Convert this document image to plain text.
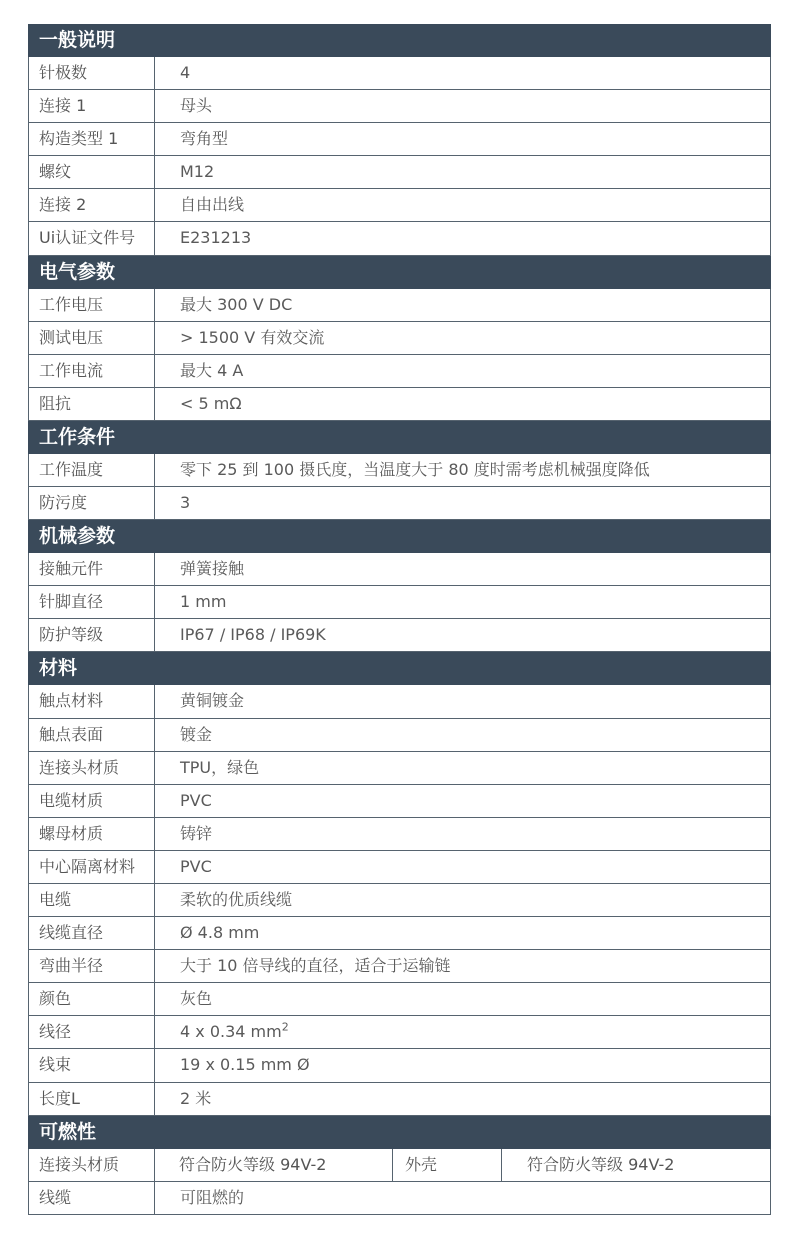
一般说明
针极数	4
连接 1	母头
构造类型 1	弯角型
螺纹	M12
连接 2	自由出线
Ui认证文件号	E231213
电气参数
工作电压	最大 300 V DC
测试电压	> 1500 V 有效交流
工作电流	最大 4 A
阻抗	< 5 mΩ
工作条件
工作温度	零下 25 到 100 摄氏度，当温度大于 80 度时需考虑机械强度降低
防污度	3
机械参数
接触元件	弹簧接触
针脚直径	1 mm
防护等级	IP67 / IP68 / IP69K
材料
触点材料	黄铜镀金
触点表面	镀金
连接头材质	TPU，绿色
电缆材质	PVC
螺母材质	铸锌
中心隔离材料	PVC
电缆	柔软的优质线缆
线缆直径	Ø 4.8 mm
弯曲半径	大于 10 倍导线的直径，适合于运输链
颜色	灰色
线径	4 x 0.34 $mm^2$
线束	19 x 0.15 mm Ø
长度L	2 米
可燃性
连接头材质	符合防火等级 94V-2	外壳	符合防火等级 94V-2
线缆	可阻燃的
